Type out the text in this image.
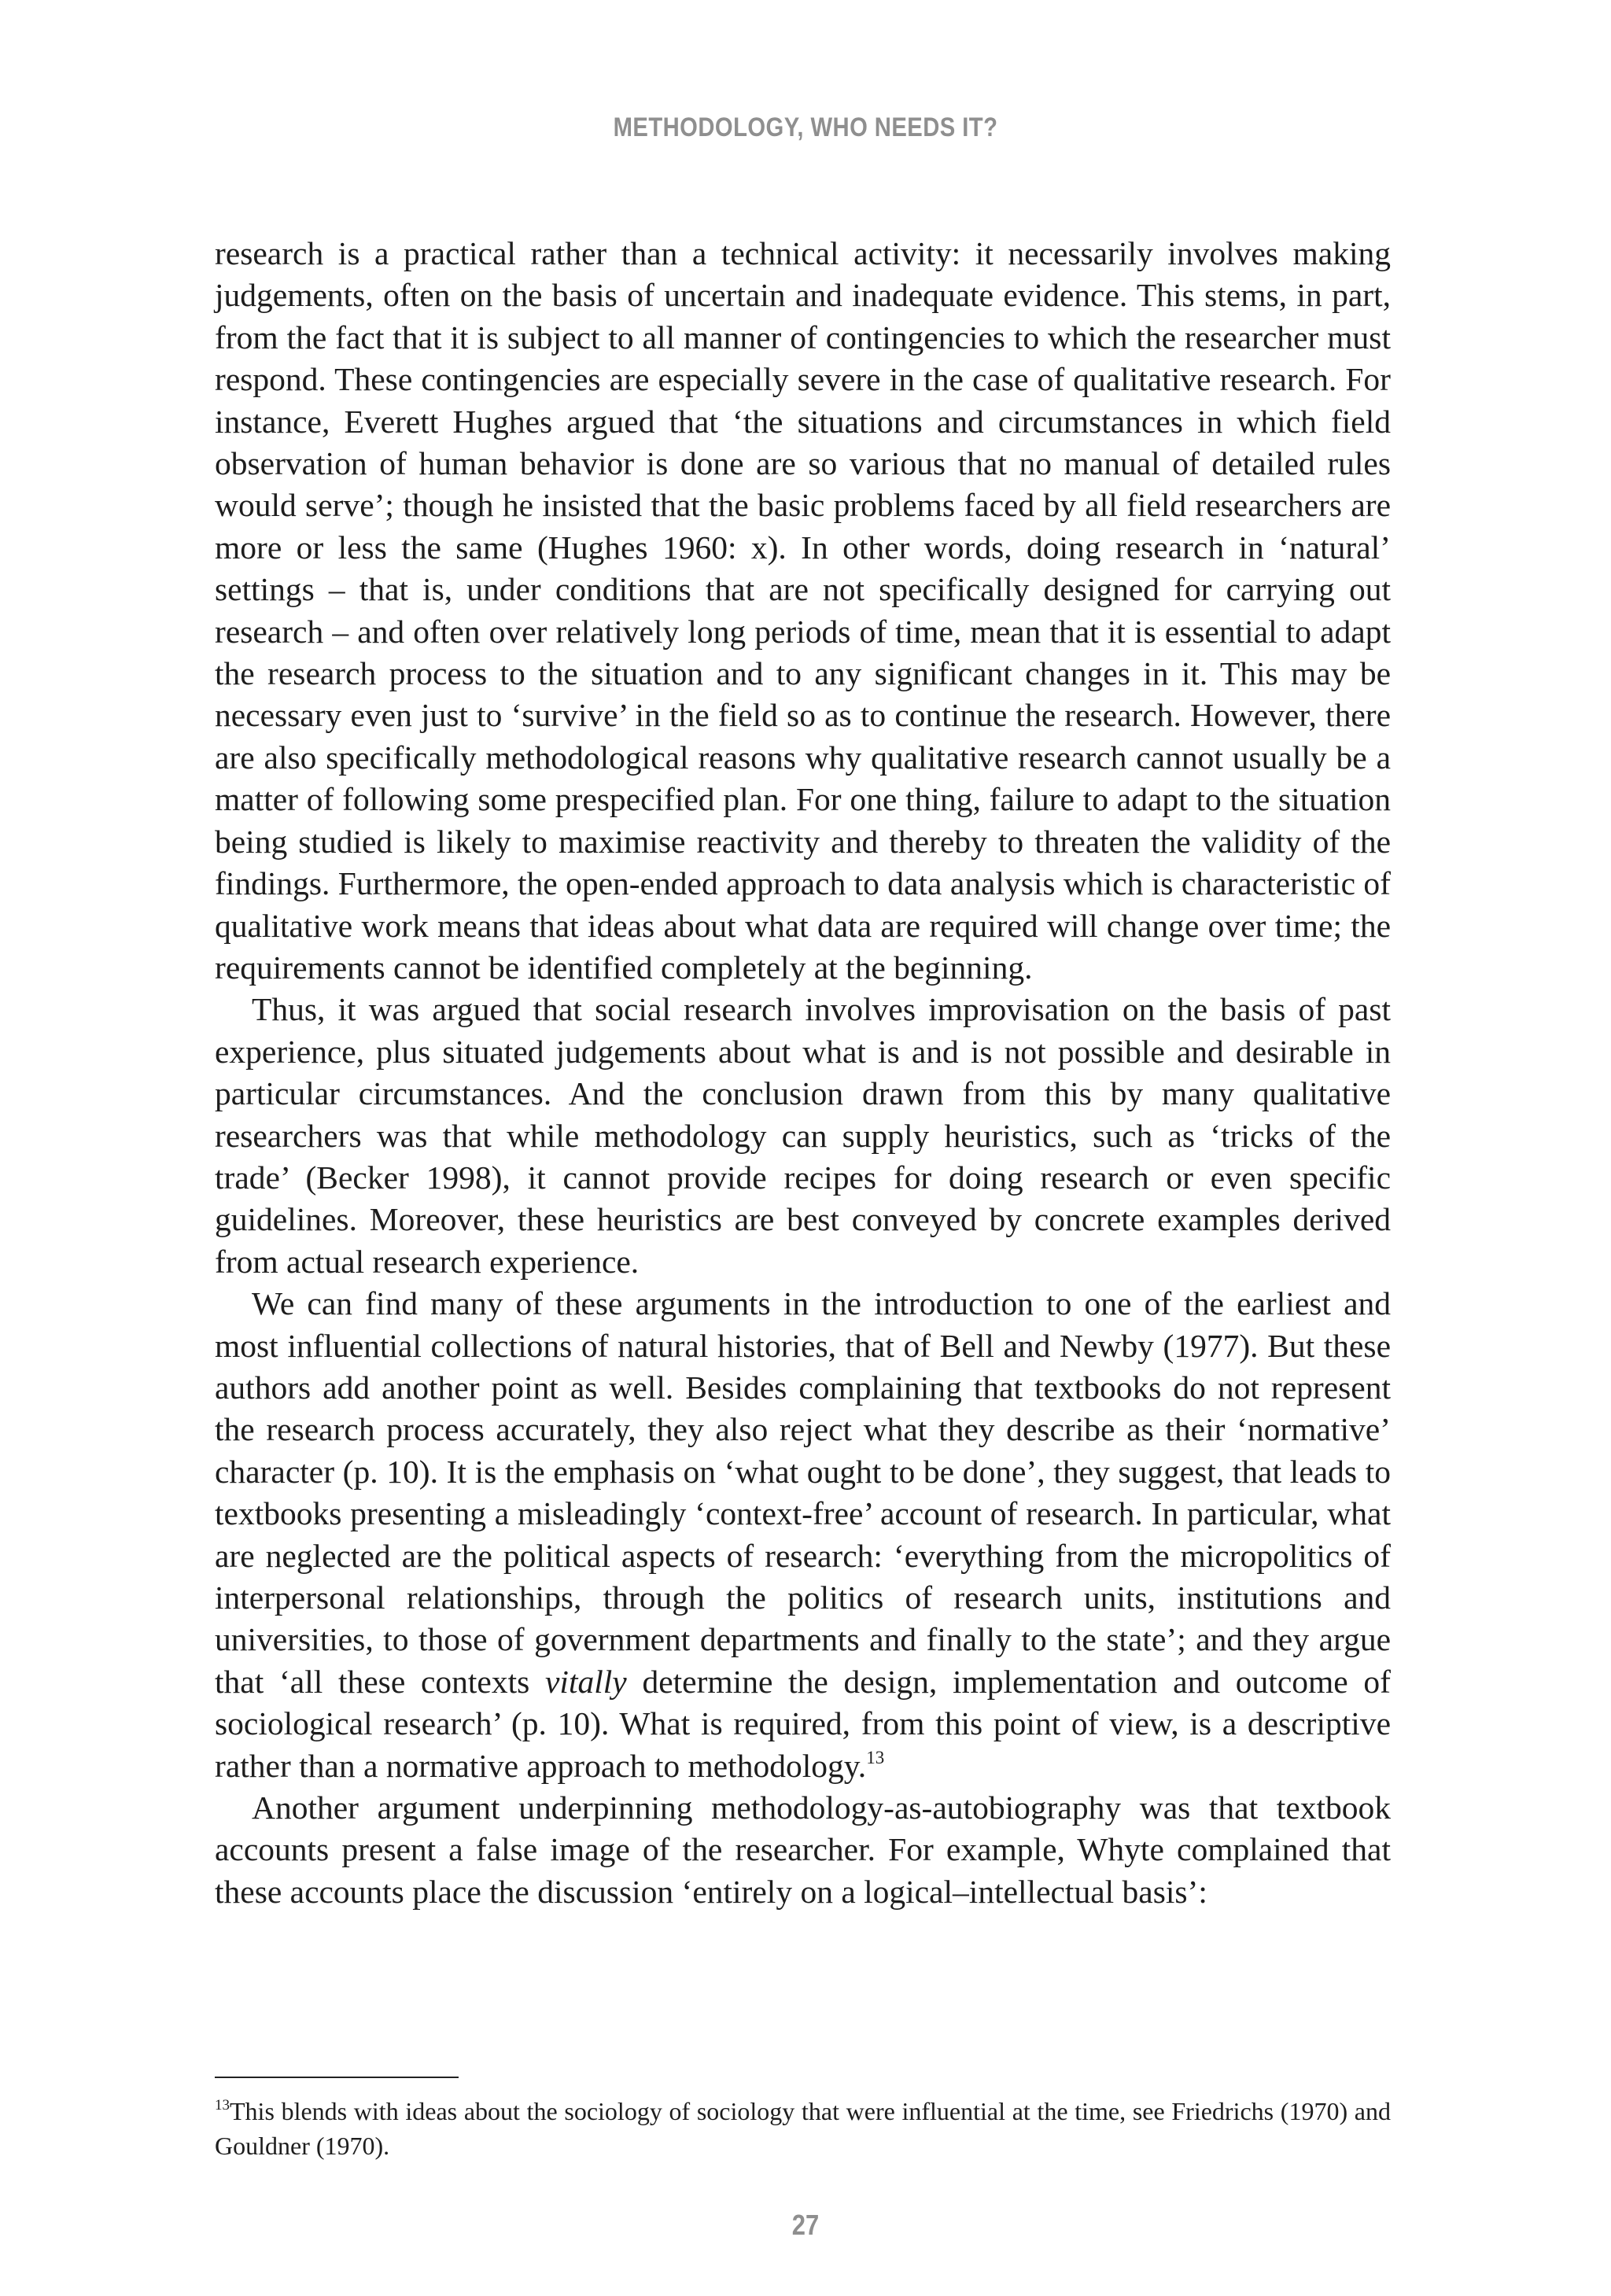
METHODOLOGY, WHO NEEDS IT?

research is a practical rather than a technical activity: it necessarily involves making judgements, often on the basis of uncertain and inadequate evidence. This stems, in part, from the fact that it is subject to all manner of contingencies to which the researcher must respond. These contingencies are especially severe in the case of qualitative research. For instance, Everett Hughes argued that ‘the situations and circumstances in which field observation of human behavior is done are so various that no manual of detailed rules would serve’; though he insisted that the basic problems faced by all field researchers are more or less the same (Hughes 1960: x). In other words, doing research in ‘natural’ settings – that is, under conditions that are not specifically designed for carrying out research – and often over relatively long periods of time, mean that it is essential to adapt the research process to the situation and to any significant changes in it. This may be necessary even just to ‘survive’ in the field so as to continue the research. However, there are also specifically methodological reasons why qualitative research cannot usually be a matter of following some prespecified plan. For one thing, failure to adapt to the situation being studied is likely to maximise reactivity and thereby to threaten the validity of the findings. Furthermore, the open-ended approach to data analysis which is characteristic of qualitative work means that ideas about what data are required will change over time; the requirements cannot be identified completely at the beginning.

Thus, it was argued that social research involves improvisation on the basis of past experience, plus situated judgements about what is and is not possible and desirable in particular circumstances. And the conclusion drawn from this by many qualitative researchers was that while methodology can supply heuristics, such as ‘tricks of the trade’ (Becker 1998), it cannot provide recipes for doing research or even specific guidelines. Moreover, these heuristics are best conveyed by concrete examples derived from actual research experience.

We can find many of these arguments in the introduction to one of the earliest and most influential collections of natural histories, that of Bell and Newby (1977). But these authors add another point as well. Besides complaining that textbooks do not represent the research process accurately, they also reject what they describe as their ‘normative’ character (p. 10). It is the emphasis on ‘what ought to be done’, they suggest, that leads to textbooks presenting a misleadingly ‘context-free’ account of research. In particular, what are neglected are the political aspects of research: ‘everything from the micropolitics of interpersonal relationships, through the politics of research units, institutions and universities, to those of government departments and finally to the state’; and they argue that ‘all these contexts vitally determine the design, implementation and outcome of sociological research’ (p. 10). What is required, from this point of view, is a descriptive rather than a normative approach to methodology.$^{13}$

Another argument underpinning methodology-as-autobiography was that textbook accounts present a false image of the researcher. For example, Whyte complained that these accounts place the discussion ‘entirely on a logical–intellectual basis’:

$^{13}$This blends with ideas about the sociology of sociology that were influential at the time, see Friedrichs (1970) and Gouldner (1970).
27
